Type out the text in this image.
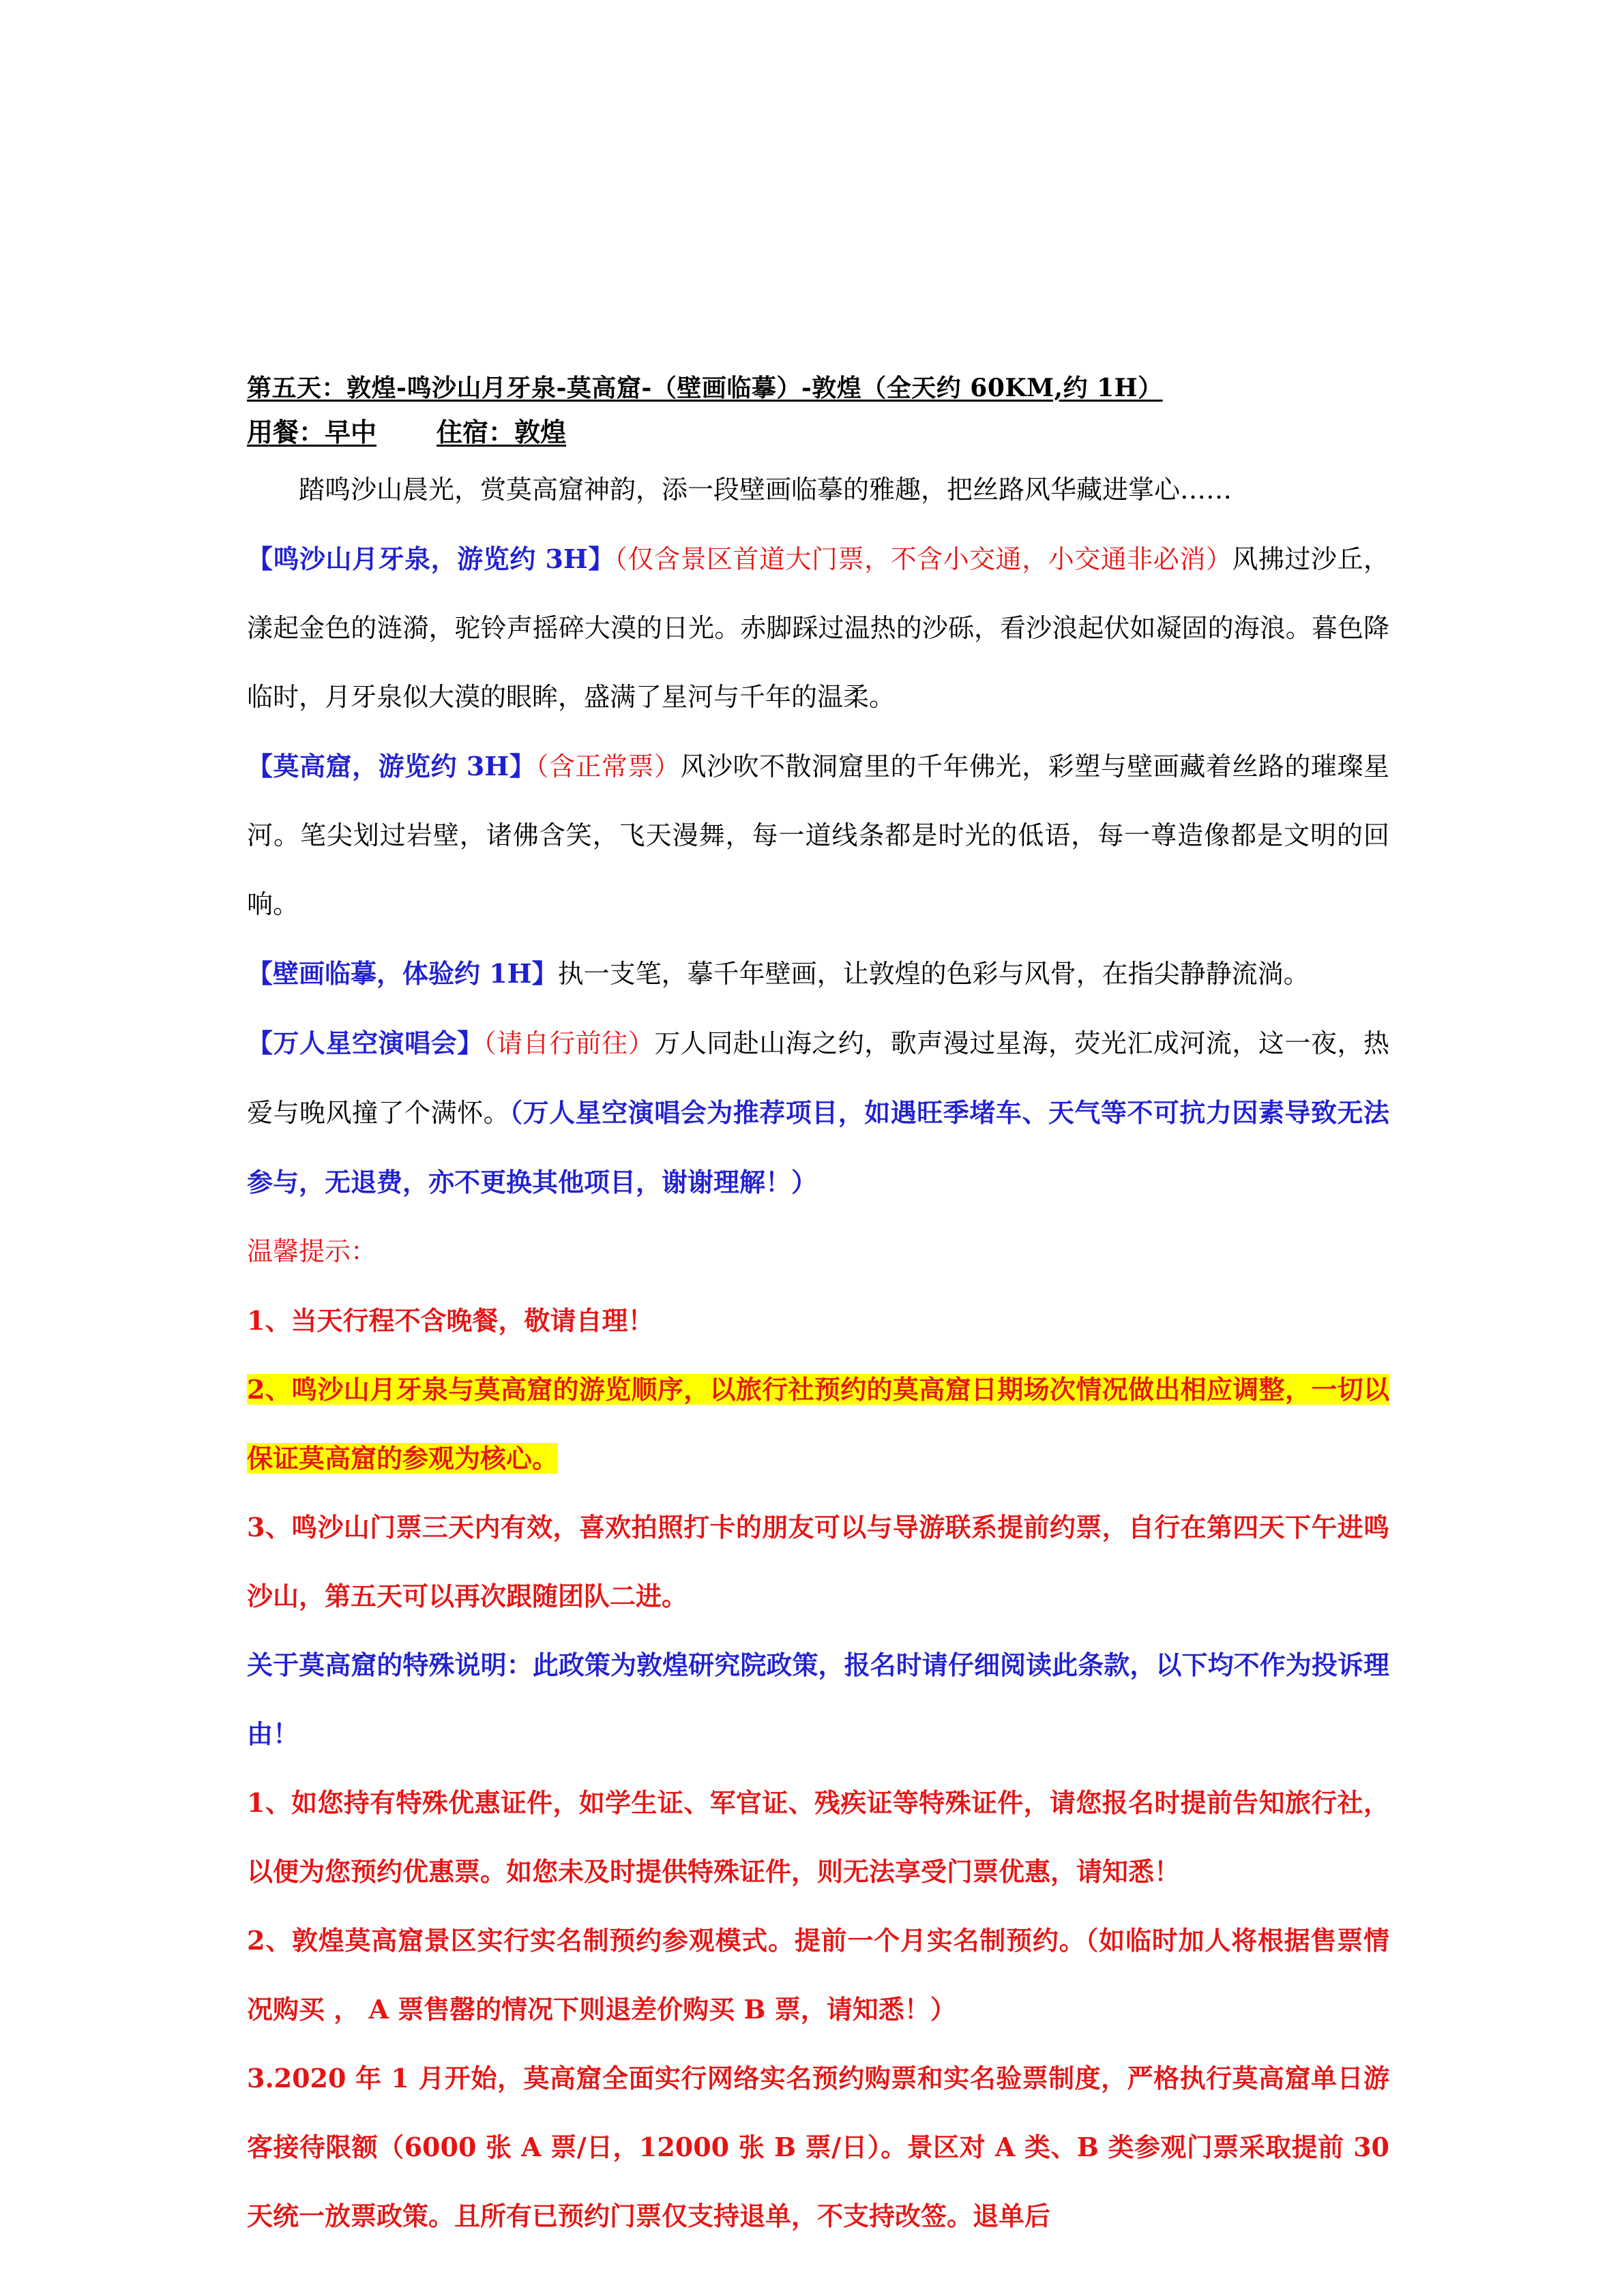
第五天：敦煌-鸣沙山月牙泉-莫高窟-（壁画临摹）-敦煌（全天约 60KM,约 1H）
用餐：早中 住宿：敦煌

踏鸣沙山晨光，赏莫高窟神韵，添一段壁画临摹的雅趣，把丝路风华藏进掌心……

【鸣沙山月牙泉，游览约 3H】（仅含景区首道大门票，不含小交通，小交通非必消）风拂过沙丘，漾起金色的涟漪，驼铃声摇碎大漠的日光。赤脚踩过温热的沙砾，看沙浪起伏如凝固的海浪。暮色降临时，月牙泉似大漠的眼眸，盛满了星河与千年的温柔。

【莫高窟，游览约 3H】（含正常票）风沙吹不散洞窟里的千年佛光，彩塑与壁画藏着丝路的璀璨星河。笔尖划过岩壁，诸佛含笑，飞天漫舞，每一道线条都是时光的低语，每一尊造像都是文明的回响。

【壁画临摹，体验约 1H】执一支笔，摹千年壁画，让敦煌的色彩与风骨，在指尖静静流淌。

【万人星空演唱会】（请自行前往）万人同赴山海之约，歌声漫过星海，荧光汇成河流，这一夜，热爱与晚风撞了个满怀。（万人星空演唱会为推荐项目，如遇旺季堵车、天气等不可抗力因素导致无法参与，无退费，亦不更换其他项目，谢谢理解！）

温馨提示：

1、当天行程不含晚餐，敬请自理！

2、鸣沙山月牙泉与莫高窟的游览顺序，以旅行社预约的莫高窟日期场次情况做出相应调整，一切以保证莫高窟的参观为核心。

3、鸣沙山门票三天内有效，喜欢拍照打卡的朋友可以与导游联系提前约票，自行在第四天下午进鸣沙山，第五天可以再次跟随团队二进。

关于莫高窟的特殊说明：此政策为敦煌研究院政策，报名时请仔细阅读此条款，以下均不作为投诉理由！

1、如您持有特殊优惠证件，如学生证、军官证、残疾证等特殊证件，请您报名时提前告知旅行社，以便为您预约优惠票。如您未及时提供特殊证件，则无法享受门票优惠，请知悉！

2、敦煌莫高窟景区实行实名制预约参观模式。提前一个月实名制预约。（如临时加人将根据售票情况购买 ， A 票售罄的情况下则退差价购买 B 票，请知悉！）

3.2020 年 1 月开始，莫高窟全面实行网络实名预约购票和实名验票制度，严格执行莫高窟单日游客接待限额（6000 张 A 票/日，12000 张 B 票/日）。景区对 A 类、B 类参观门票采取提前 30 天统一放票政策。且所有已预约门票仅支持退单，不支持改签。退单后
